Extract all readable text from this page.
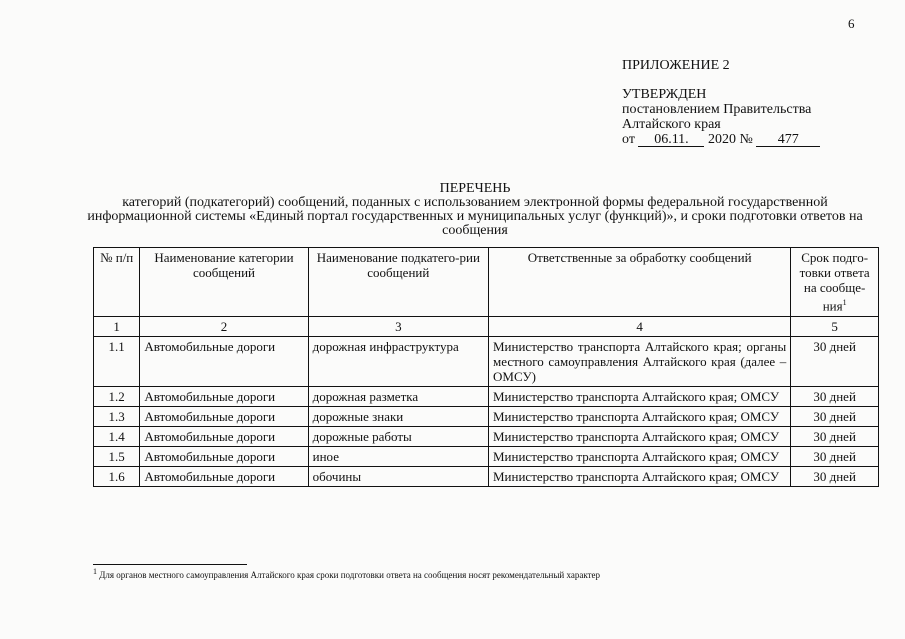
6
ПРИЛОЖЕНИЕ 2
УТВЕРЖДЕН
постановлением Правительства
Алтайского края
от 06.11. 2020 № 477
ПЕРЕЧЕНЬ
категорий (подкатегорий) сообщений, поданных с использованием электронной формы федеральной государственной информационной системы «Единый портал государственных и муниципальных услуг (функций)», и сроки подготовки ответов на сообщения
№ п/п	Наименование категории сообщений	Наименование подкатего-рии сообщений	Ответственные за обработку сообщений	Срок подго-товки ответа на сообще-ния$^1$
1	2	3	4	5
1.1	Автомобильные дороги	дорожная инфраструктура	Министерство транспорта Алтайского края; органы местного самоуправления Алтайского края (далее – ОМСУ)	30 дней
1.2	Автомобильные дороги	дорожная разметка	Министерство транспорта Алтайского края; ОМСУ	30 дней
1.3	Автомобильные дороги	дорожные знаки	Министерство транспорта Алтайского края; ОМСУ	30 дней
1.4	Автомобильные дороги	дорожные работы	Министерство транспорта Алтайского края; ОМСУ	30 дней
1.5	Автомобильные дороги	иное	Министерство транспорта Алтайского края; ОМСУ	30 дней
1.6	Автомобильные дороги	обочины	Министерство транспорта Алтайского края; ОМСУ	30 дней
$^1$ Для органов местного самоуправления Алтайского края сроки подготовки ответа на сообщения носят рекомендательный характер
